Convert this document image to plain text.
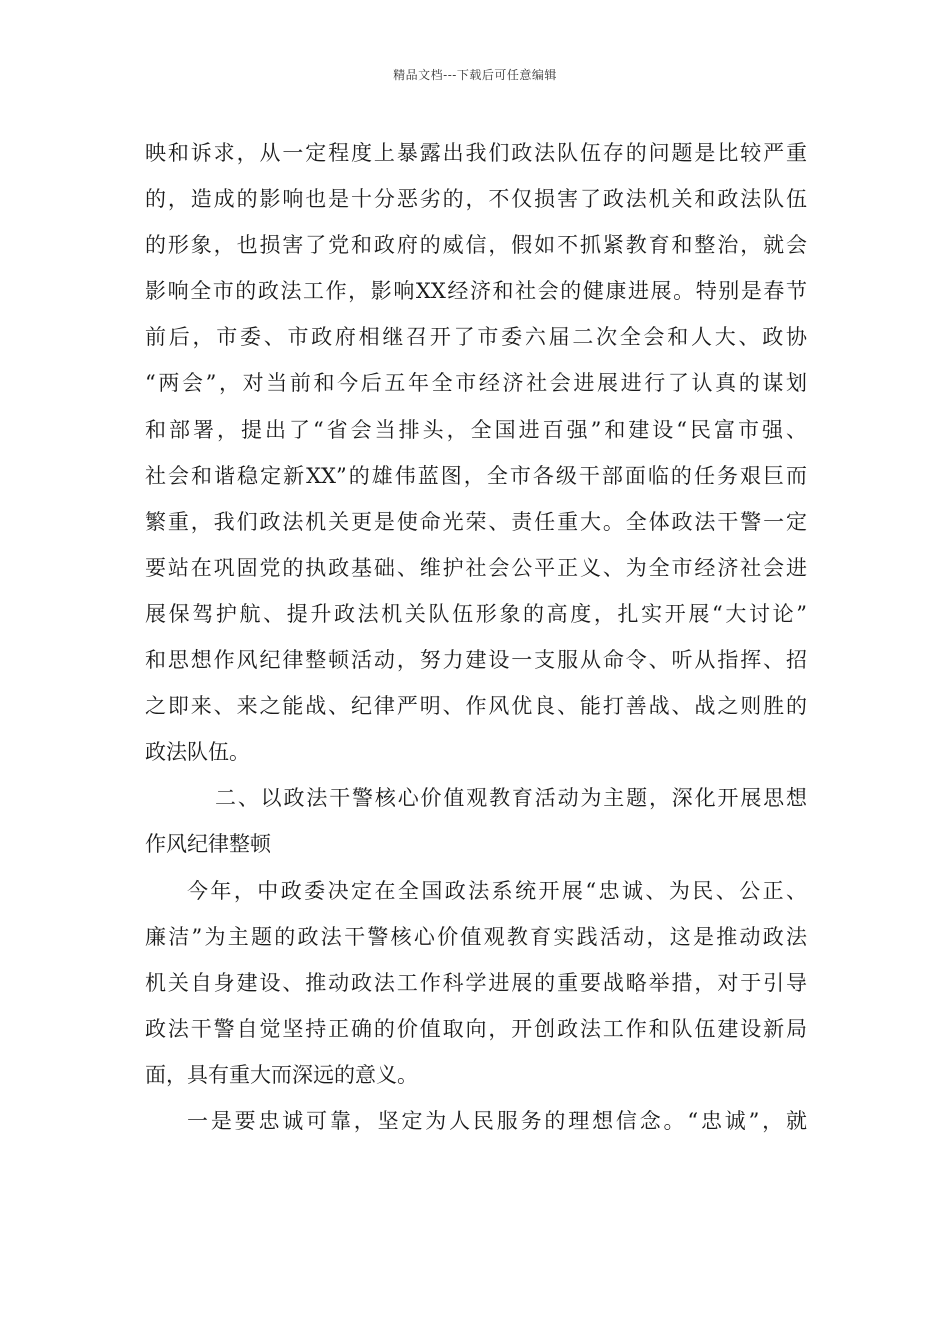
精品文档---下载后可任意编辑
映和诉求，从一定程度上暴露出我们政法队伍存的问题是比较严重
的，造成的影响也是十分恶劣的，不仅损害了政法机关和政法队伍
的形象，也损害了党和政府的威信，假如不抓紧教育和整治，就会
影响全市的政法工作，影响XX经济和社会的健康进展。特别是春节
前后，市委、市政府相继召开了市委六届二次全会和人大、政协
“两会”，对当前和今后五年全市经济社会进展进行了认真的谋划
和部署，提出了“省会当排头，全国进百强”和建设“民富市强、
社会和谐稳定新XX”的雄伟蓝图，全市各级干部面临的任务艰巨而
繁重，我们政法机关更是使命光荣、责任重大。全体政法干警一定
要站在巩固党的执政基础、维护社会公平正义、为全市经济社会进
展保驾护航、提升政法机关队伍形象的高度，扎实开展“大讨论”
和思想作风纪律整顿活动，努力建设一支服从命令、听从指挥、招
之即来、来之能战、纪律严明、作风优良、能打善战、战之则胜的
政法队伍。
二、以政法干警核心价值观教育活动为主题，深化开展思想
作风纪律整顿
今年，中政委决定在全国政法系统开展“忠诚、为民、公正、
廉洁”为主题的政法干警核心价值观教育实践活动，这是推动政法
机关自身建设、推动政法工作科学进展的重要战略举措，对于引导
政法干警自觉坚持正确的价值取向，开创政法工作和队伍建设新局
面，具有重大而深远的意义。
一是要忠诚可靠，坚定为人民服务的理想信念。“忠诚”，就
